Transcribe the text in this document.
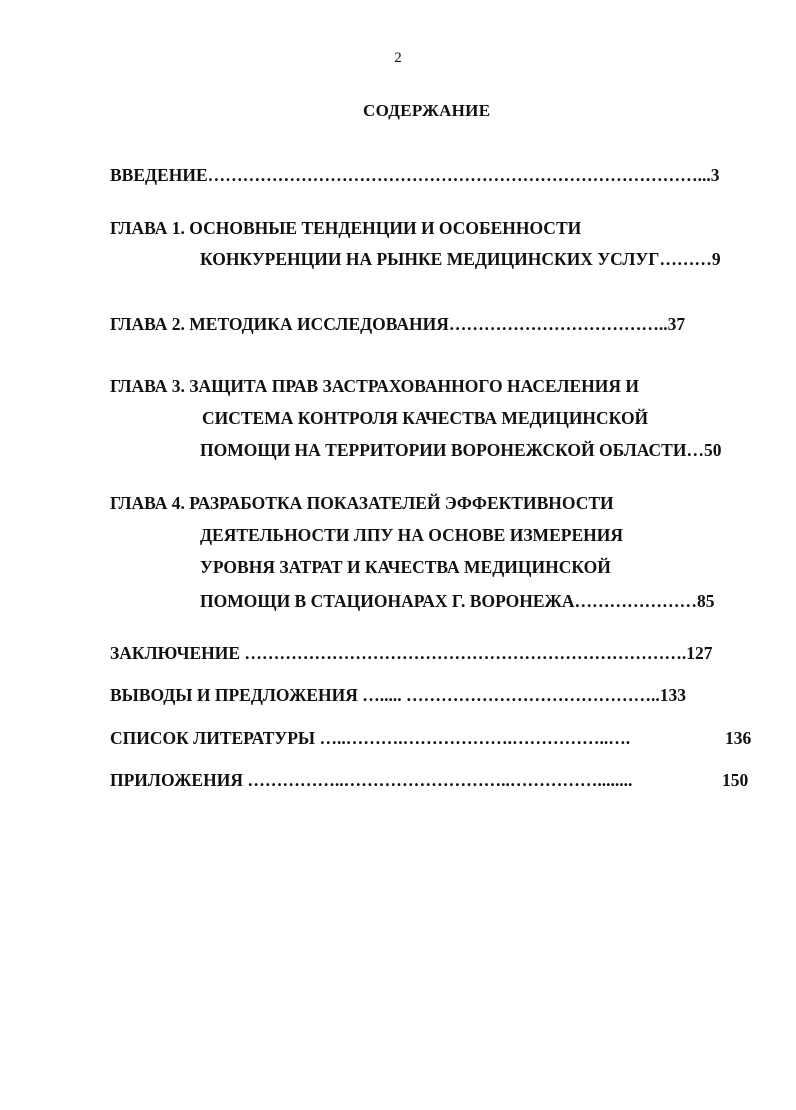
2
СОДЕРЖАНИЕ
ВВЕДЕНИЕ…………………………………………………………………………...3
ГЛАВА 1. ОСНОВНЫЕ ТЕНДЕНЦИИ И ОСОБЕННОСТИ
КОНКУРЕНЦИИ НА РЫНКЕ МЕДИЦИНСКИХ УСЛУГ………9
ГЛАВА 2. МЕТОДИКА ИССЛЕДОВАНИЯ………………………………..37
ГЛАВА 3. ЗАЩИТА ПРАВ ЗАСТРАХОВАННОГО НАСЕЛЕНИЯ И
СИСТЕМА КОНТРОЛЯ КАЧЕСТВА МЕДИЦИНСКОЙ
ПОМОЩИ НА ТЕРРИТОРИИ ВОРОНЕЖСКОЙ ОБЛАСТИ…50
ГЛАВА 4. РАЗРАБОТКА ПОКАЗАТЕЛЕЙ ЭФФЕКТИВНОСТИ
ДЕЯТЕЛЬНОСТИ ЛПУ НА ОСНОВЕ ИЗМЕРЕНИЯ
УРОВНЯ ЗАТРАТ И КАЧЕСТВА МЕДИЦИНСКОЙ
ПОМОЩИ В СТАЦИОНАРАХ Г. ВОРОНЕЖА…………………85
ЗАКЛЮЧЕНИЕ ………………………………………………………………….127
ВЫВОДЫ И ПРЕДЛОЖЕНИЯ …..... ……………………………………..133
СПИСОК ЛИТЕРАТУРЫ …..……….……………….……………..….	136
ПРИЛОЖЕНИЯ ……………..………………………..……………........	150
